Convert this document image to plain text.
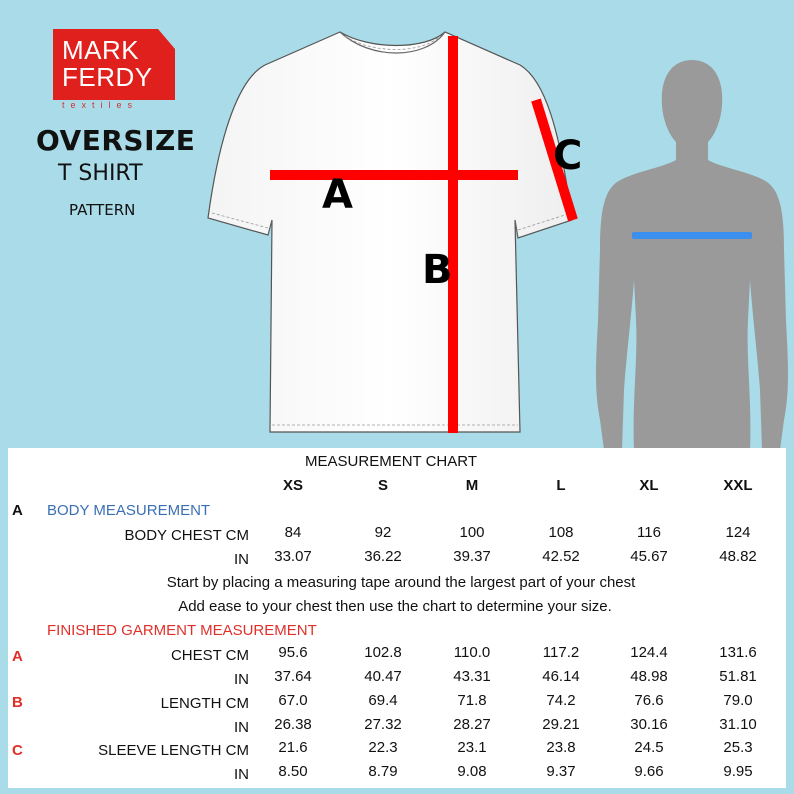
MARK
FERDY
textiles
OVERSIZE
T SHIRT
PATTERN	A
B
C
MEASUREMENT CHART
XS	S	M	L	XL	XXL
A BODY MEASUREMENT
BODY CHEST CM 84	92	100	108	116	124
IN 33.07	36.22	39.37	42.52	45.67	48.82
Start by placing a measuring tape around the largest part of your chest
Add ease to your chest then use the chart to determine your size.
FINISHED GARMENT MEASUREMENT
A	CHEST CM 95.6	102.8	110.0	117.2	124.4	131.6
IN 37.64	40.47	43.31	46.14	48.98	51.81
B	LENGTH CM 67.0	69.4	71.8	74.2	76.6	79.0
IN 26.38	27.32	28.27	29.21	30.16	31.10
C	SLEEVE LENGTH CM 21.6	22.3	23.1	23.8	24.5	25.3
IN 8.50	8.79	9.08	9.37	9.66	9.95
